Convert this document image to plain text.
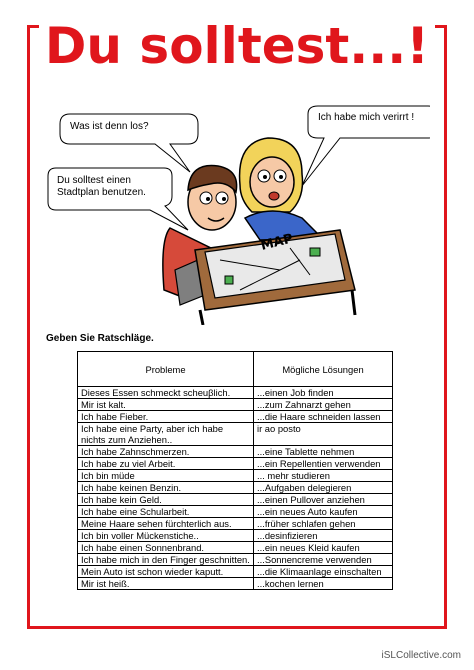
Du solltest...!
MAP
Was ist denn los?
Du solltest einen
Stadtplan benutzen.
Ich habe mich verirrt !
Geben Sie Ratschläge.
Probleme	Mögliche Lösungen
Dieses Essen schmeckt scheuβlich.	...einen Job finden
Mir ist kalt.	...zum Zahnarzt gehen
Ich habe Fieber.	...die Haare schneiden lassen
Ich habe eine Party, aber ich habe nichts zum Anziehen..	ir ao posto
Ich habe Zahnschmerzen.	...eine Tablette nehmen
Ich habe zu viel Arbeit.	...ein Repellentien verwenden
Ich bin müde	... mehr studieren
Ich habe keinen Benzin.	...Aufgaben delegieren
Ich habe kein Geld.	...einen Pullover anziehen
Ich habe eine Schularbeit.	...ein neues Auto kaufen
Meine Haare sehen fürchterlich aus.	...früher schlafen gehen
Ich bin voller Mückenstiche..	...desinfizieren
Ich habe einen Sonnenbrand.	...ein neues Kleid kaufen
Ich habe mich in den Finger geschnitten.	...Sonnencreme verwenden
Mein Auto ist schon wieder kaputt.	...die Klimaanlage einschalten
Mir ist heiß.	...kochen lernen
iSLCollective.com
